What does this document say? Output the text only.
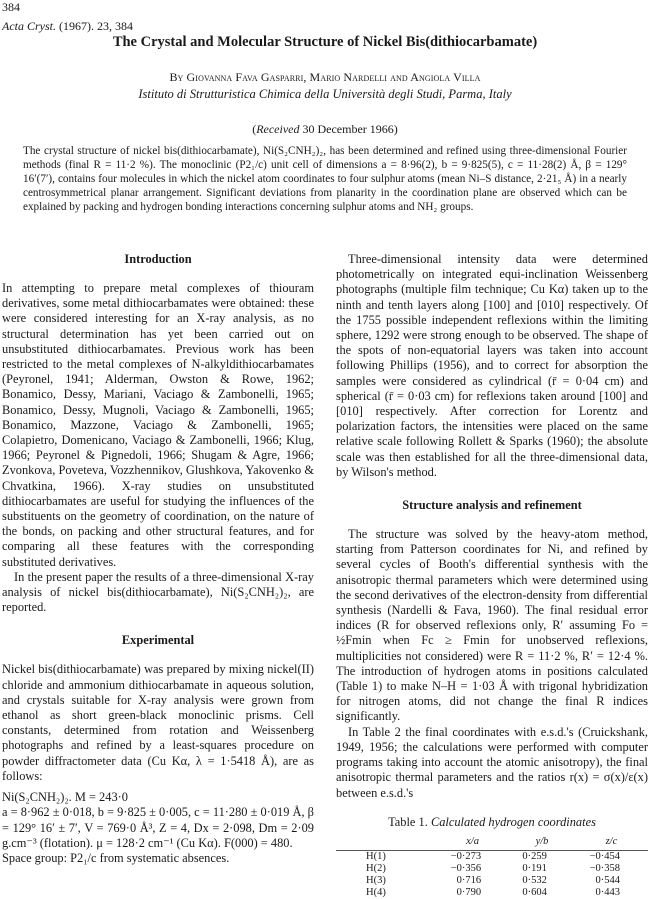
384
Acta Cryst. (1967). 23, 384
The Crystal and Molecular Structure of Nickel Bis(dithiocarbamate)
By Giovanna Fava Gasparri, Mario Nardelli and Angiola Villa
Istituto di Strutturistica Chimica della Università degli Studi, Parma, Italy
(Received 30 December 1966)
The crystal structure of nickel bis(dithiocarbamate), Ni(S₂CNH₂)₂, has been determined and refined using three-dimensional Fourier methods (final R = 11·2 %). The monoclinic (P2₁/c) unit cell of dimensions a = 8·96(2), b = 9·825(5), c = 11·28(2) Å, β = 129° 16′(7′), contains four molecules in which the nickel atom coordinates to four sulphur atoms (mean Ni–S distance, 2·21₅ Å) in a nearly centrosymmetrical planar arrangement. Significant deviations from planarity in the coordination plane are observed which can be explained by packing and hydrogen bonding interactions concerning sulphur atoms and NH₂ groups.
Introduction

In attempting to prepare metal complexes of thiouram derivatives, some metal dithiocarbamates were obtained: these were considered interesting for an X-ray analysis, as no structural determination has yet been carried out on unsubstituted dithiocarbamates. Previous work has been restricted to the metal complexes of N-alkyldithiocarbamates (Peyronel, 1941; Alderman, Owston & Rowe, 1962; Bonamico, Dessy, Mariani, Vaciago & Zambonelli, 1965; Bonamico, Dessy, Mugnoli, Vaciago & Zambonelli, 1965; Bonamico, Mazzone, Vaciago & Zambonelli, 1965; Colapietro, Domenicano, Vaciago & Zambonelli, 1966; Klug, 1966; Peyronel & Pignedoli, 1966; Shugam & Agre, 1966; Zvonkova, Poveteva, Vozzhennikov, Glushkova, Yakovenko & Chvatkina, 1966). X-ray studies on unsubstituted dithiocarbamates are useful for studying the influences of the substituents on the geometry of coordination, on the nature of the bonds, on packing and other structural features, and for comparing all these features with the corresponding substituted derivatives.

In the present paper the results of a three-dimensional X-ray analysis of nickel bis(dithiocarbamate), Ni(S₂CNH₂)₂, are reported.

Experimental

Nickel bis(dithiocarbamate) was prepared by mixing nickel(II) chloride and ammonium dithiocarbamate in aqueous solution, and crystals suitable for X-ray analysis were grown from ethanol as short green-black monoclinic prisms. Cell constants, determined from rotation and Weissenberg photographs and refined by a least-squares procedure on powder diffractometer data (Cu Kα, λ = 1·5418 Å), are as follows:

Ni(S₂CNH₂)₂. M = 243·0

a = 8·962 ± 0·018, b = 9·825 ± 0·005, c = 11·280 ± 0·019 Å, β = 129° 16′ ± 7′, V = 769·0 Å³, Z = 4, Dx = 2·098, Dm = 2·09 g.cm⁻³ (flotation). μ = 128·2 cm⁻¹ (Cu Kα). F(000) = 480.

Space group: P2₁/c from systematic absences.

Three-dimensional intensity data were determined photometrically on integrated equi-inclination Weissenberg photographs (multiple film technique; Cu Kα) taken up to the ninth and tenth layers along [100] and [010] respectively. Of the 1755 possible independent reflexions within the limiting sphere, 1292 were strong enough to be observed. The shape of the spots of non-equatorial layers was taken into account following Phillips (1956), and to correct for absorption the samples were considered as cylindrical (r̄ = 0·04 cm) and spherical (r̄ = 0·03 cm) for reflexions taken around [100] and [010] respectively. After correction for Lorentz and polarization factors, the intensities were placed on the same relative scale following Rollett & Sparks (1960); the absolute scale was then established for all the three-dimensional data, by Wilson's method.

Structure analysis and refinement

The structure was solved by the heavy-atom method, starting from Patterson coordinates for Ni, and refined by several cycles of Booth's differential synthesis with the anisotropic thermal parameters which were determined using the second derivatives of the electron-density from differential synthesis (Nardelli & Fava, 1960). The final residual error indices (R for observed reflexions only, R′ assuming Fo = ½Fmin when Fc ≥ Fmin for unobserved reflexions, multiplicities not considered) were R = 11·2 %, R′ = 12·4 %. The introduction of hydrogen atoms in positions calculated (Table 1) to make N–H = 1·03 Å with trigonal hybridization for nitrogen atoms, did not change the final R indices significantly.

In Table 2 the final coordinates with e.s.d.'s (Cruickshank, 1949, 1956; the calculations were performed with computer programs taking into account the atomic anisotropy), the final anisotropic thermal parameters and the ratios r(x) = σ(x)/ε(x) between e.s.d.'s

Table 1. Calculated hydrogen coordinates
	x/a	y/b	z/c
H(1)	−0·273	0·259	−0·454
H(2)	−0·356	0·191	−0·358
H(3)	0·716	0·532	0·544
H(4)	0·790	0·604	0·443
